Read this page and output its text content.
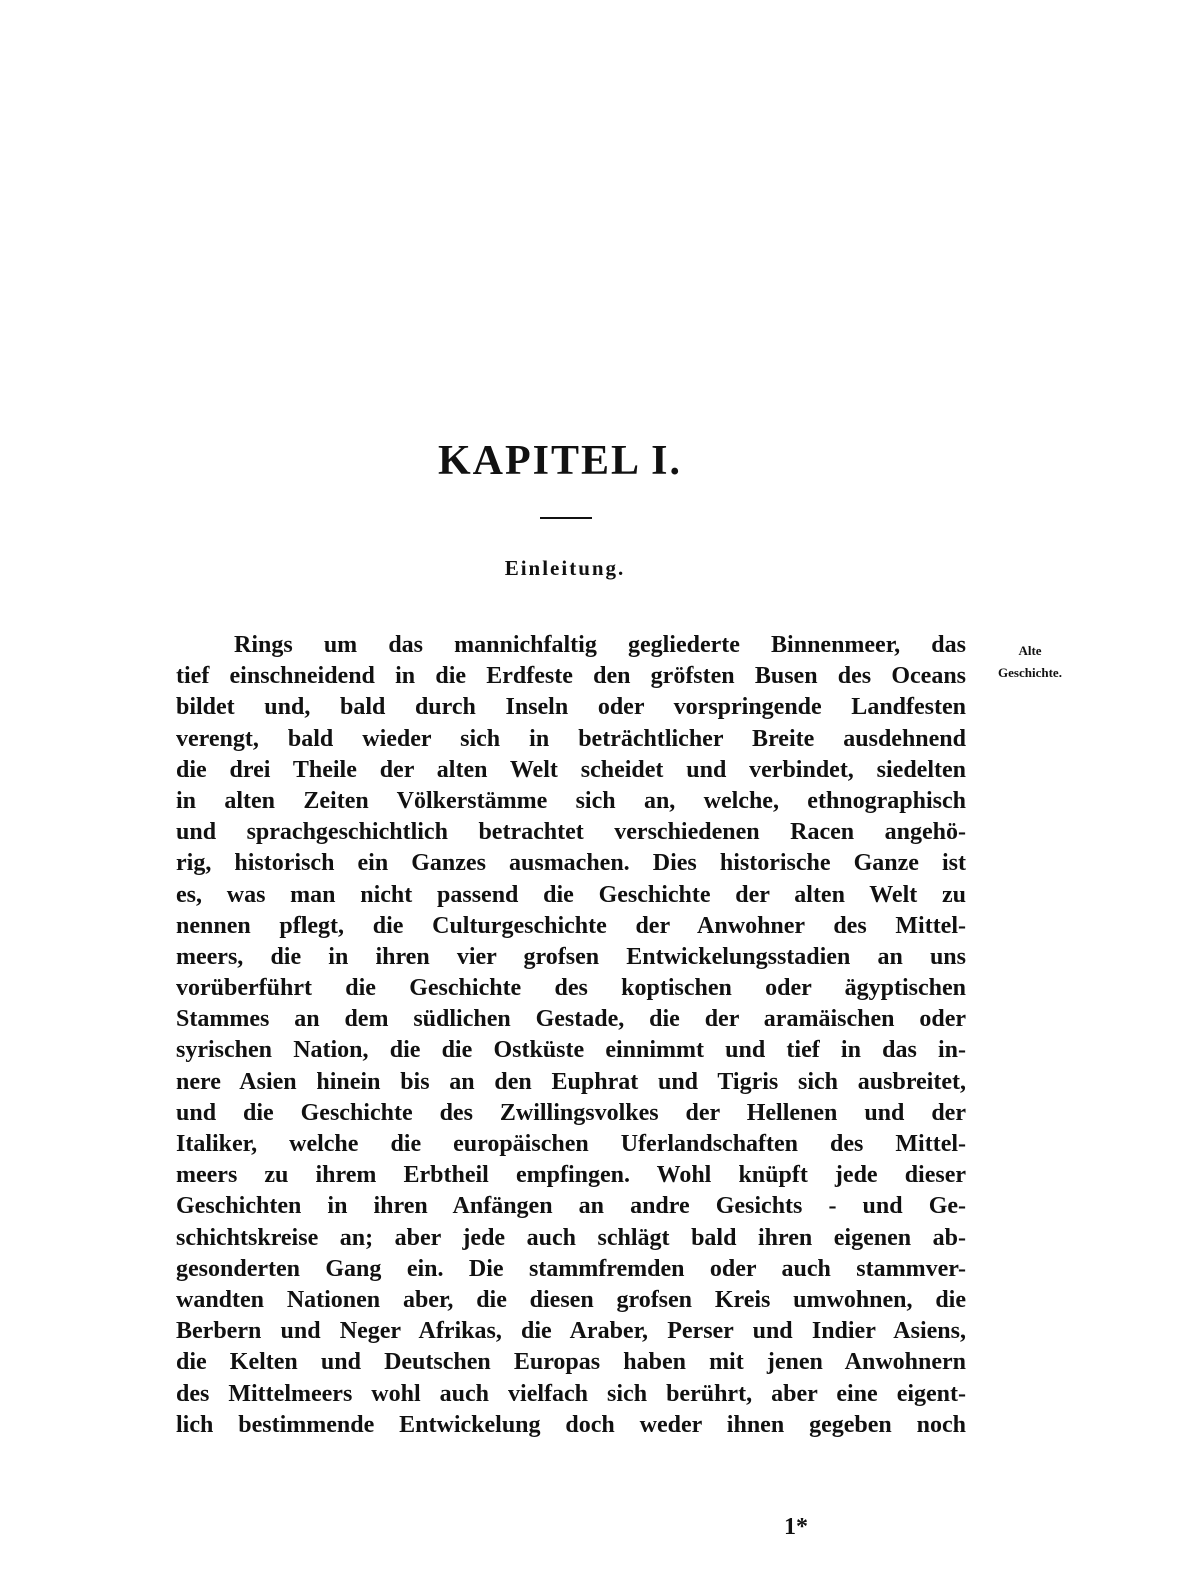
KAPITEL I.
Einleitung.
Alte
Geschichte.
Rings um das mannichfaltig gegliederte Binnenmeer, das
tief einschneidend in die Erdfeste den gröfsten Busen des Oceans
bildet und, bald durch Inseln oder vorspringende Landfesten
verengt, bald wieder sich in beträchtlicher Breite ausdehnend
die drei Theile der alten Welt scheidet und verbindet, siedelten
in alten Zeiten Völkerstämme sich an, welche, ethnographisch
und sprachgeschichtlich betrachtet verschiedenen Racen angehö-
rig, historisch ein Ganzes ausmachen. Dies historische Ganze ist
es, was man nicht passend die Geschichte der alten Welt zu
nennen pflegt, die Culturgeschichte der Anwohner des Mittel-
meers, die in ihren vier grofsen Entwickelungsstadien an uns
vorüberführt die Geschichte des koptischen oder ägyptischen
Stammes an dem südlichen Gestade, die der aramäischen oder
syrischen Nation, die die Ostküste einnimmt und tief in das in-
nere Asien hinein bis an den Euphrat und Tigris sich ausbreitet,
und die Geschichte des Zwillingsvolkes der Hellenen und der
Italiker, welche die europäischen Uferlandschaften des Mittel-
meers zu ihrem Erbtheil empfingen. Wohl knüpft jede dieser
Geschichten in ihren Anfängen an andre Gesichts - und Ge-
schichtskreise an; aber jede auch schlägt bald ihren eigenen ab-
gesonderten Gang ein. Die stammfremden oder auch stammver-
wandten Nationen aber, die diesen grofsen Kreis umwohnen, die
Berbern und Neger Afrikas, die Araber, Perser und Indier Asiens,
die Kelten und Deutschen Europas haben mit jenen Anwohnern
des Mittelmeers wohl auch vielfach sich berührt, aber eine eigent-
lich bestimmende Entwickelung doch weder ihnen gegeben noch
1*
